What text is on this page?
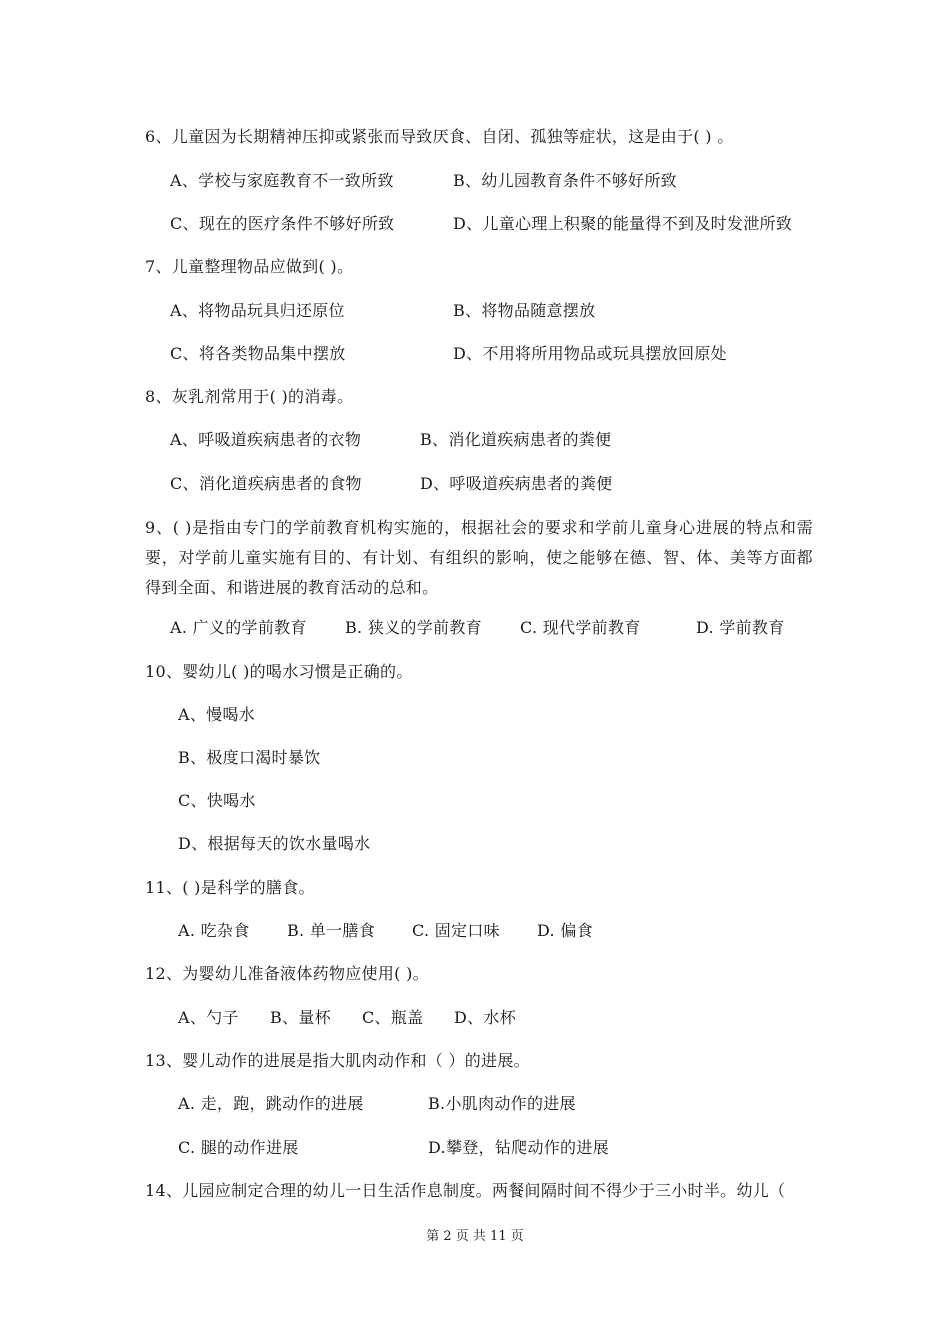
6、儿童因为长期精神压抑或紧张而导致厌食、自闭、孤独等症状，这是由于( ) 。
A、学校与家庭教育不一致所致	B、幼儿园教育条件不够好所致
C、现在的医疗条件不够好所致	D、儿童心理上积聚的能量得不到及时发泄所致
7、儿童整理物品应做到( )。
A、将物品玩具归还原位	B、将物品随意摆放
C、将各类物品集中摆放	D、不用将所用物品或玩具摆放回原处
8、灰乳剂常用于( )的消毒。
A、呼吸道疾病患者的衣物	B、消化道疾病患者的粪便
C、消化道疾病患者的食物	D、呼吸道疾病患者的粪便
9、( )是指由专门的学前教育机构实施的，根据社会的要求和学前儿童身心进展的特点和需要，对学前儿童实施有目的、有计划、有组织的影响，使之能够在德、智、体、美等方面都得到全面、和谐进展的教育活动的总和。
A. 广义的学前教育 B. 狭义的学前教育 C. 现代学前教育	D. 学前教育
10、婴幼儿( )的喝水习惯是正确的。
A、慢喝水
B、极度口渴时暴饮
C、快喝水
D、根据每天的饮水量喝水
11、( )是科学的膳食。
A. 吃杂食 B. 单一膳食 C. 固定口味 D. 偏食
12、为婴幼儿准备液体药物应使用( )。
A、勺子 B、量杯 C、瓶盖 D、水杯
13、婴儿动作的进展是指大肌肉动作和（ ）的进展。
A. 走，跑，跳动作的进展	B.小肌肉动作的进展
C. 腿的动作进展	D.攀登，钻爬动作的进展
14、儿园应制定合理的幼儿一日生活作息制度。两餐间隔时间不得少于三小时半。幼儿（
第 2 页 共 11 页
